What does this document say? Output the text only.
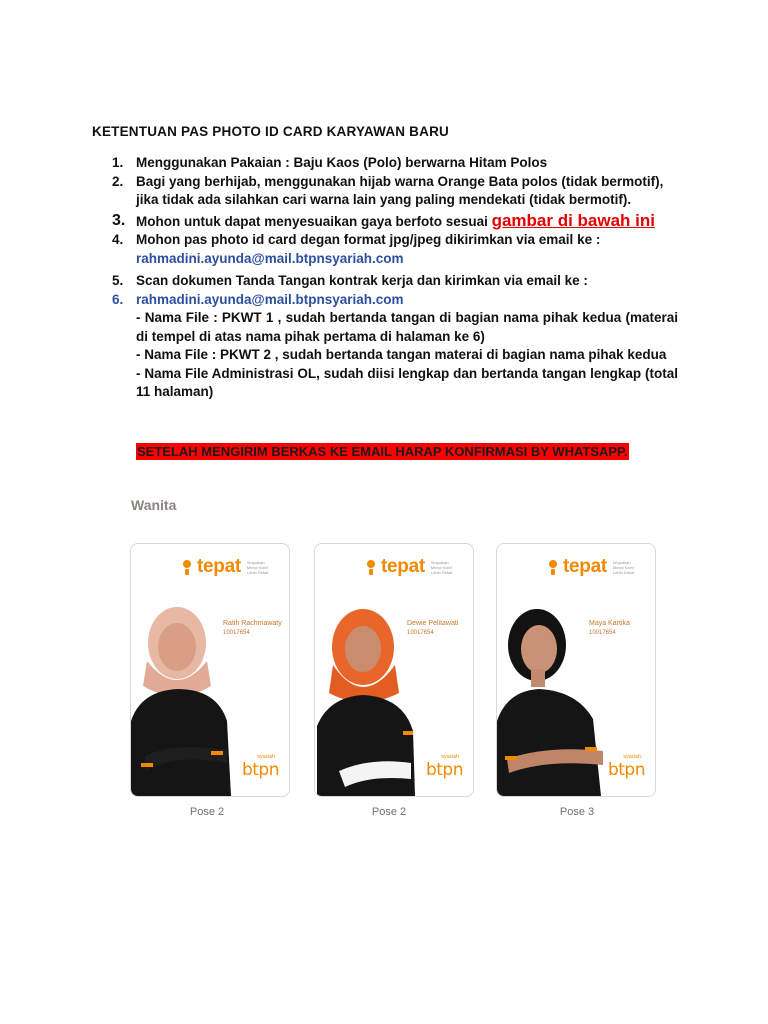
KETENTUAN PAS PHOTO ID CARD KARYAWAN BARU
1. Menggunakan Pakaian : Baju Kaos (Polo) berwarna Hitam Polos
2. Bagi yang berhijab, menggunakan hijab warna Orange Bata polos (tidak bermotif),
jika tidak ada silahkan cari warna lain yang paling mendekati (tidak bermotif).
3. Mohon untuk dapat menyesuaikan gaya berfoto sesuai gambar di bawah ini
4. Mohon pas photo id card degan format jpg/jpeg dikirimkan via email ke :
rahmadini.ayunda@mail.btpnsyariah.com
5. Scan dokumen Tanda Tangan kontrak kerja dan kirimkan via email ke :
6. rahmadini.ayunda@mail.btpnsyariah.com
- Nama File : PKWT 1 , sudah bertanda tangan di bagian nama pihak kedua (materai di tempel di atas nama pihak pertama di halaman ke 6)
- Nama File : PKWT 2 , sudah bertanda tangan materai di bagian nama pihak kedua
- Nama File Administrasi OL, sudah diisi lengkap dan bertanda tangan lengkap (total 11 halaman)
SETELAH MENGIRIM BERKAS KE EMAIL HARAP KONFIRMASI BY WHATSAPP.
Wanita
tepat Wujudkan Mimpi Kami Lebih Dekat
Ratih Rachmawaty
10017654
syariah
btpn
tepat Wujudkan Mimpi Kami Lebih Dekat
Dewie Pelitawati
10017654
syariah
btpn
tepat Wujudkan Mimpi Kami Lebih Dekat
Maya Kartika
10017654
syariah
btpn
Pose 2	Pose 2	Pose 3
